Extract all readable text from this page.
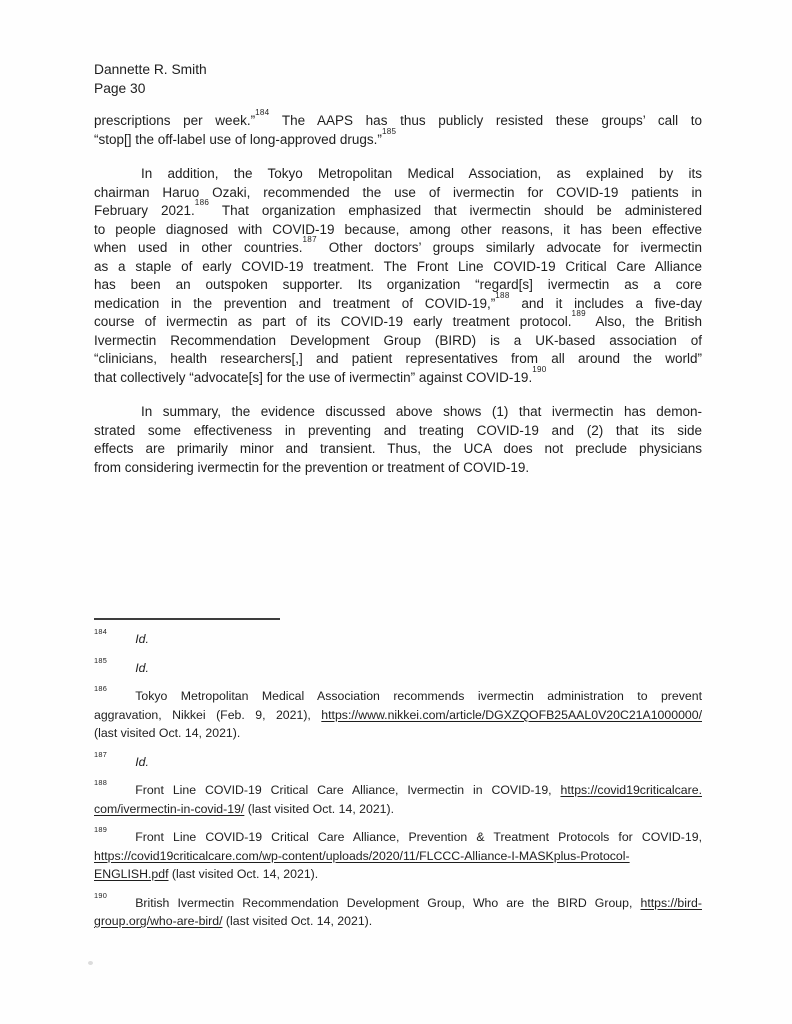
Dannette R. Smith
Page 30
prescriptions per week.”$^{184}$ The AAPS has thus publicly resisted these groups’ call to
“stop[] the off-label use of long-approved drugs.”$^{185}$
In addition, the Tokyo Metropolitan Medical Association, as explained by its
chairman Haruo Ozaki, recommended the use of ivermectin for COVID-19 patients in
February 2021.$^{186}$ That organization emphasized that ivermectin should be administered
to people diagnosed with COVID-19 because, among other reasons, it has been effective
when used in other countries.$^{187}$ Other doctors’ groups similarly advocate for ivermectin
as a staple of early COVID-19 treatment. The Front Line COVID-19 Critical Care Alliance
has been an outspoken supporter. Its organization “regard[s] ivermectin as a core
medication in the prevention and treatment of COVID-19,”$^{188}$ and it includes a five-day
course of ivermectin as part of its COVID-19 early treatment protocol.$^{189}$ Also, the British
Ivermectin Recommendation Development Group (BIRD) is a UK-based association of
“clinicians, health researchers[,] and patient representatives from all around the world”
that collectively “advocate[s] for the use of ivermectin” against COVID-19.$^{190}$
In summary, the evidence discussed above shows (1) that ivermectin has demon-
strated some effectiveness in preventing and treating COVID-19 and (2) that its side
effects are primarily minor and transient. Thus, the UCA does not preclude physicians
from considering ivermectin for the prevention or treatment of COVID-19.
$^{184}$Id.
$^{185}$Id.
$^{186}$Tokyo Metropolitan Medical Association recommends ivermectin administration to prevent
aggravation, Nikkei (Feb. 9, 2021), https://www.nikkei.com/article/DGXZQOFB25AAL0V20C21A1000000/
(last visited Oct. 14, 2021).
$^{187}$Id.
$^{188}$Front Line COVID-19 Critical Care Alliance, Ivermectin in COVID-19, https://covid19criticalcare.
com/ivermectin-in-covid-19/ (last visited Oct. 14, 2021).
$^{189}$Front Line COVID-19 Critical Care Alliance, Prevention & Treatment Protocols for COVID-19,
https://covid19criticalcare.com/wp-content/uploads/2020/11/FLCCC-Alliance-I-MASKplus-Protocol-
ENGLISH.pdf (last visited Oct. 14, 2021).
$^{190}$British Ivermectin Recommendation Development Group, Who are the BIRD Group, https://bird-
group.org/who-are-bird/ (last visited Oct. 14, 2021).
